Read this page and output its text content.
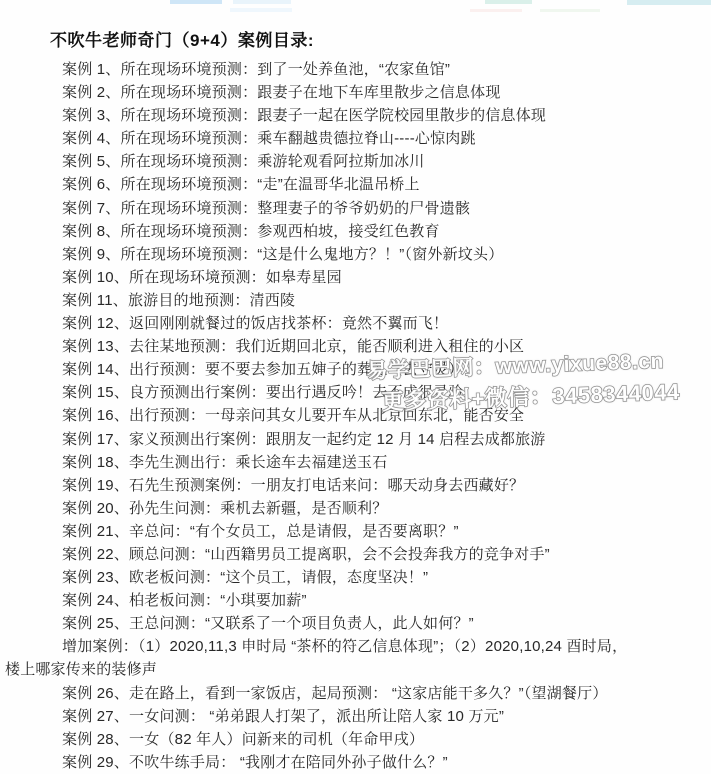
不吹牛老师奇门（9+4）案例目录:
案例 1、所在现场环境预测：到了一处养鱼池，“农家鱼馆”
案例 2、所在现场环境预测：跟妻子在地下车库里散步之信息体现
案例 3、所在现场环境预测：跟妻子一起在医学院校园里散步的信息体现
案例 4、所在现场环境预测：乘车翻越贵德拉脊山----心惊肉跳
案例 5、所在现场环境预测：乘游轮观看阿拉斯加冰川
案例 6、所在现场环境预测：“走”在温哥华北温吊桥上
案例 7、所在现场环境预测：整理妻子的爷爷奶奶的尸骨遗骸
案例 8、所在现场环境预测：参观西柏坡，接受红色教育
案例 9、所在现场环境预测：“这是什么鬼地方？！”（窗外新坟头）
案例 10、所在现场环境预测：如皋寿星园
案例 11、旅游目的地预测：清西陵
案例 12、返回刚刚就餐过的饭店找茶杯：竟然不翼而飞！
案例 13、去往某地预测：我们近期回北京，能否顺利进入租住的小区
案例 14、出行预测：要不要去参加五婶子的葬礼（去守灵）
案例 15、良方预测出行案例：要出行遇反吟！去不成很灵验
案例 16、出行预测：一母亲问其女儿要开车从北京回东北，能否安全
案例 17、家义预测出行案例：跟朋友一起约定 12 月 14 启程去成都旅游
案例 18、李先生测出行：乘长途车去福建送玉石
案例 19、石先生预测案例：一朋友打电话来问：哪天动身去西藏好？
案例 20、孙先生问测：乘机去新疆，是否顺利？
案例 21、辛总问：“有个女员工，总是请假，是否要离职？”
案例 22、顾总问测：“山西籍男员工提离职，会不会投奔我方的竞争对手”
案例 23、欧老板问测：“这个员工，请假，态度坚决！”
案例 24、柏老板问测：“小琪要加薪”
案例 25、王总问测：“又联系了一个项目负责人，此人如何？”
增加案例：（1）2020,11,3 申时局 “茶杯的符乙信息体现”；（2）2020,10,24 酉时局，
楼上哪家传来的装修声
案例 26、走在路上，看到一家饭店，起局预测： “这家店能干多久？”（望湖餐厅）
案例 27、一女问测： “弟弟跟人打架了，派出所让陪人家 10 万元”
案例 28、一女（82 年人）问新来的司机（年命甲戌）
案例 29、不吹牛练手局： “我刚才在陪同外孙子做什么？”
易学巴巴网：www.yixue88.cn
更多资料+微信：3458344044
